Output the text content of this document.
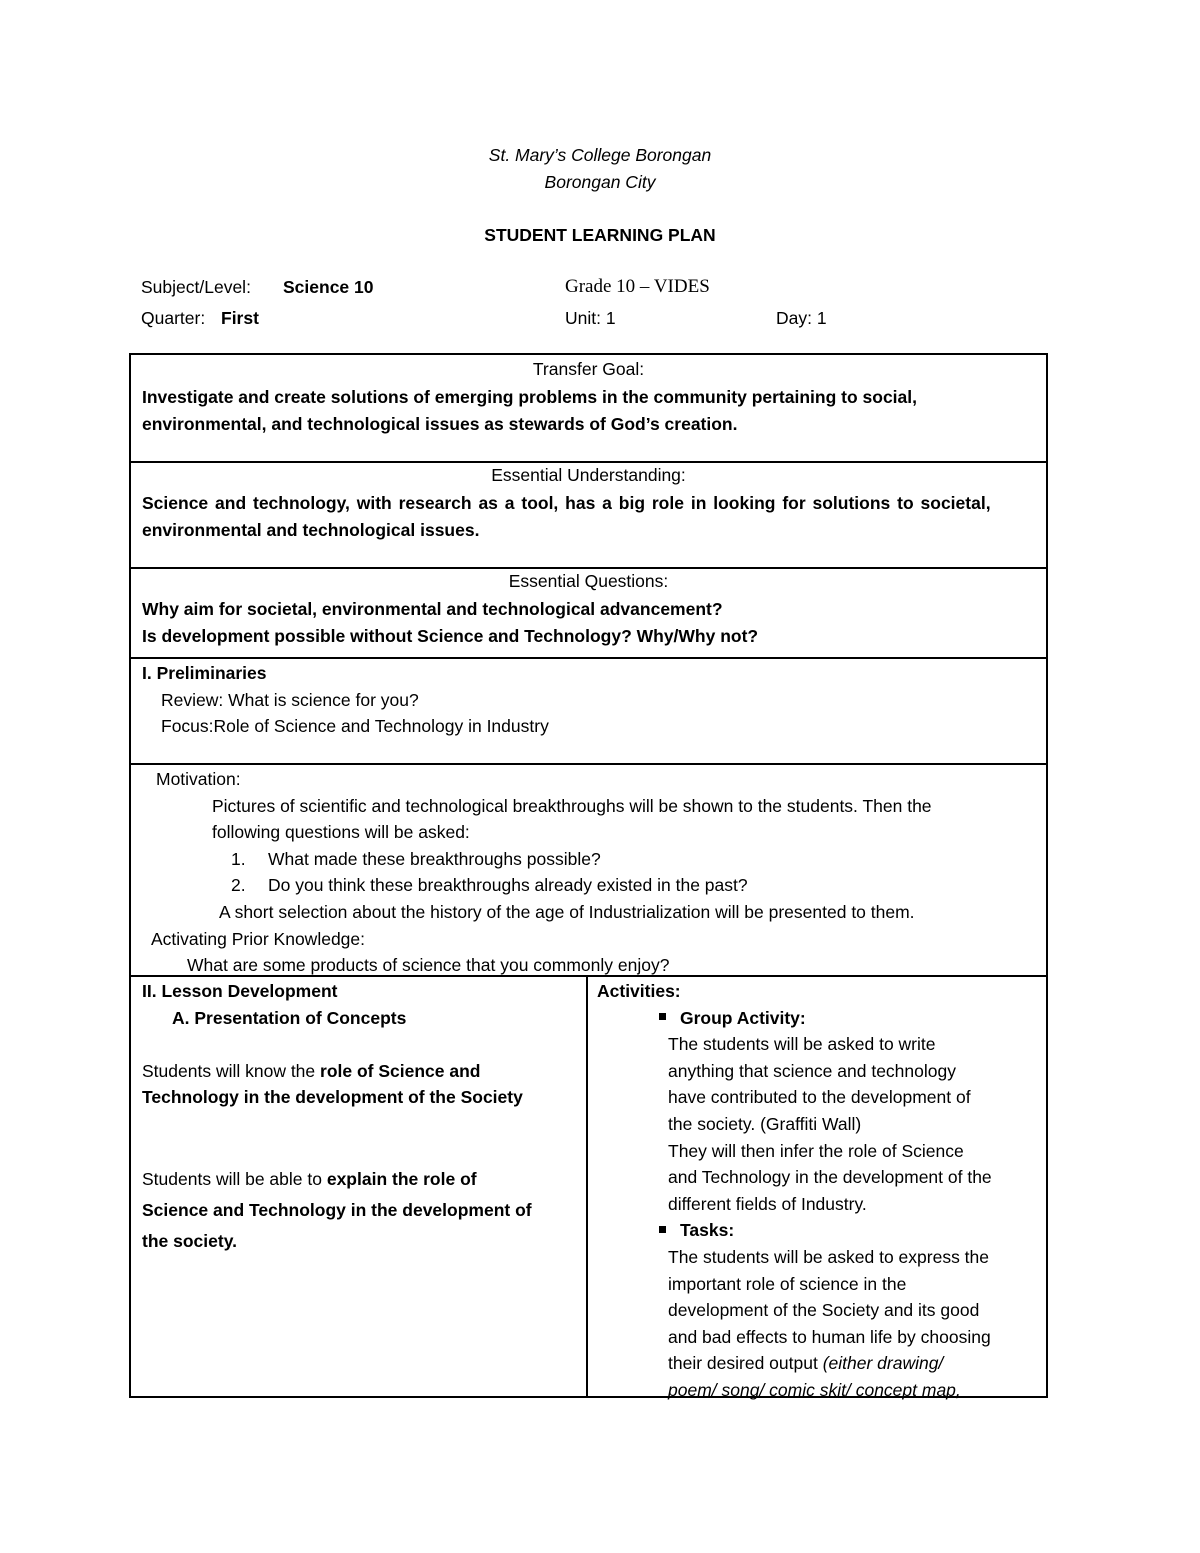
St. Mary’s College Borongan
Borongan City
STUDENT LEARNING PLAN
Subject/Level: Science 10	Grade 10 – VIDES
Quarter: First	Unit: 1	Day: 1
Transfer Goal:
Investigate and create solutions of emerging problems in the community pertaining to social,
environmental, and technological issues as stewards of God’s creation.
Essential Understanding:
Science and technology, with research as a tool, has a big role in looking for solutions to societal,
environmental and technological issues.
Essential Questions:
Why aim for societal, environmental and technological advancement?
Is development possible without Science and Technology? Why/Why not?
I. Preliminaries
Review: What is science for you?
Focus:Role of Science and Technology in Industry
Motivation:
Pictures of scientific and technological breakthroughs will be shown to the students. Then the
following questions will be asked:
1. What made these breakthroughs possible?
2. Do you think these breakthroughs already existed in the past?
A short selection about the history of the age of Industrialization will be presented to them.
Activating Prior Knowledge:
What are some products of science that you commonly enjoy?
II. Lesson Development
A. Presentation of Concepts
Students will know the role of Science and
Technology in the development of the Society
Students will be able to explain the role of
Science and Technology in the development of
the society.
Activities:
Group Activity:
The students will be asked to write
anything that science and technology
have contributed to the development of
the society. (Graffiti Wall)
They will then infer the role of Science
and Technology in the development of the
different fields of Industry.
Tasks:
The students will be asked to express the
important role of science in the
development of the Society and its good
and bad effects to human life by choosing
their desired output (either drawing/
poem/ song/ comic skit/ concept map,
